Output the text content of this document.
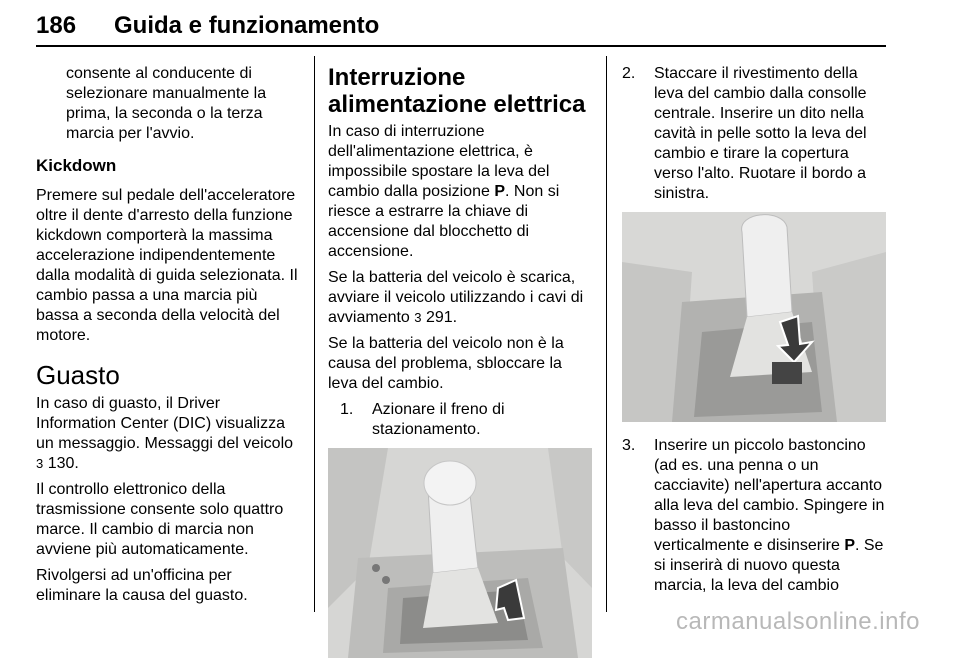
186 Guida e funzionamento

consente al conducente di selezionare manualmente la prima, la seconda o la terza marcia per l'avvio.

Kickdown

Premere sul pedale dell'acceleratore oltre il dente d'arresto della funzione kickdown comporterà la massima accelerazione indipendentemente dalla modalità di guida selezionata. Il cambio passa a una marcia più bassa a seconda della velocità del motore.

Guasto

In caso di guasto, il Driver Information Center (DIC) visualizza un messaggio. Messaggi del veicolo 3 130.

Il controllo elettronico della trasmissione consente solo quattro marce. Il cambio di marcia non avviene più automaticamente.

Rivolgersi ad un'officina per eliminare la causa del guasto.

Interruzione alimentazione elettrica

In caso di interruzione dell'alimentazione elettrica, è impossibile spostare la leva del cambio dalla posizione P. Non si riesce a estrarre la chiave di accensione dal blocchetto di accensione.

Se la batteria del veicolo è scarica, avviare il veicolo utilizzando i cavi di avviamento 3 291.

Se la batteria del veicolo non è la causa del problema, sbloccare la leva del cambio.

1. Azionare il freno di stazionamento.
2. Staccare il rivestimento della leva del cambio dalla consolle centrale. Inserire un dito nella cavità in pelle sotto la leva del cambio e tirare la copertura verso l'alto. Ruotare il bordo a sinistra.
3. Inserire un piccolo bastoncino (ad es. una penna o un cacciavite) nell'apertura accanto alla leva del cambio. Spingere in basso il bastoncino verticalmente e disinserire P. Se si inserirà di nuovo questa marcia, la leva del cambio
carmanualsonline.info
